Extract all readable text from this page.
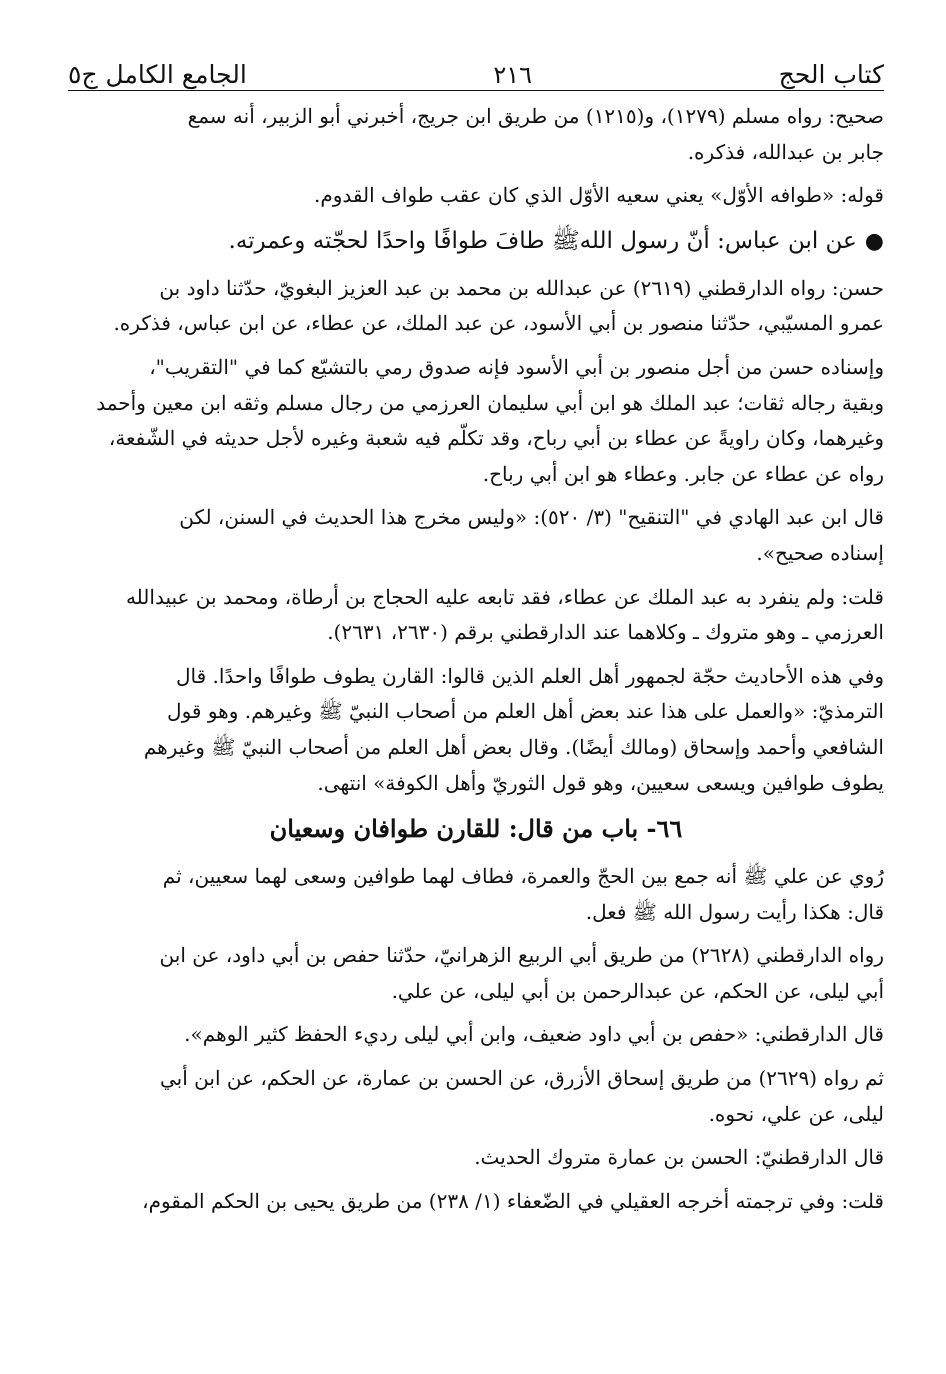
كتاب الحج
٢١٦
الجامع الكامل ج٥

صحيح: رواه مسلم (١٢٧٩)، و(١٢١٥) من طريق ابن جريج، أخبرني أبو الزبير، أنه سمع
جابر بن عبدالله، فذكره.

قوله: «طوافه الأوّل» يعني سعيه الأوّل الذي كان عقب طواف القدوم.

●عن ابن عباس: أنّ رسول اللهﷺ طافَ طوافًا واحدًا لحجّته وعمرته.

حسن: رواه الدارقطني (٢٦١٩) عن عبدالله بن محمد بن عبد العزيز البغويّ، حدّثنا داود بن
عمرو المسيّبي، حدّثنا منصور بن أبي الأسود، عن عبد الملك، عن عطاء، عن ابن عباس، فذكره.

وإسناده حسن من أجل منصور بن أبي الأسود فإنه صدوق رمي بالتشيّع كما في "التقريب"،
وبقية رجاله ثقات؛ عبد الملك هو ابن أبي سليمان العرزمي من رجال مسلم وثقه ابن معين وأحمد
وغيرهما، وكان راويةً عن عطاء بن أبي رباح، وقد تكلّم فيه شعبة وغيره لأجل حديثه في الشّفعة،
رواه عن عطاء عن جابر. وعطاء هو ابن أبي رباح.

قال ابن عبد الهادي في "التنقيح" (٣/ ٥٢٠): «وليس مخرج هذا الحديث في السنن، لكن
إسناده صحيح».

قلت: ولم ينفرد به عبد الملك عن عطاء، فقد تابعه عليه الحجاج بن أرطاة، ومحمد بن عبيدالله
العرزمي ـ وهو متروك ـ وكلاهما عند الدارقطني برقم (٢٦٣٠، ٢٦٣١).

وفي هذه الأحاديث حجّة لجمهور أهل العلم الذين قالوا: القارن يطوف طوافًا واحدًا. قال
الترمذيّ: «والعمل على هذا عند بعض أهل العلم من أصحاب النبيّ ﷺ وغيرهم. وهو قول
الشافعي وأحمد وإسحاق (ومالك أيضًا). وقال بعض أهل العلم من أصحاب النبيّ ﷺ وغيرهم
يطوف طوافين ويسعى سعيين، وهو قول الثوريّ وأهل الكوفة» انتهى.

٦٦- باب من قال: للقارن طوافان وسعيان

رُوي عن علي ﷺ أنه جمع بين الحجّ والعمرة، فطاف لهما طوافين وسعى لهما سعيين، ثم
قال: هكذا رأيت رسول الله ﷺ فعل.

رواه الدارقطني (٢٦٢٨) من طريق أبي الربيع الزهرانيّ، حدّثنا حفص بن أبي داود، عن ابن
أبي ليلى، عن الحكم، عن عبدالرحمن بن أبي ليلى، عن علي.

قال الدارقطني: «حفص بن أبي داود ضعيف، وابن أبي ليلى رديء الحفظ كثير الوهم».

ثم رواه (٢٦٢٩) من طريق إسحاق الأزرق، عن الحسن بن عمارة، عن الحكم، عن ابن أبي
ليلى، عن علي، نحوه.

قال الدارقطنيّ: الحسن بن عمارة متروك الحديث.

قلت: وفي ترجمته أخرجه العقيلي في الضّعفاء (١/ ٢٣٨) من طريق يحيى بن الحكم المقوم،
